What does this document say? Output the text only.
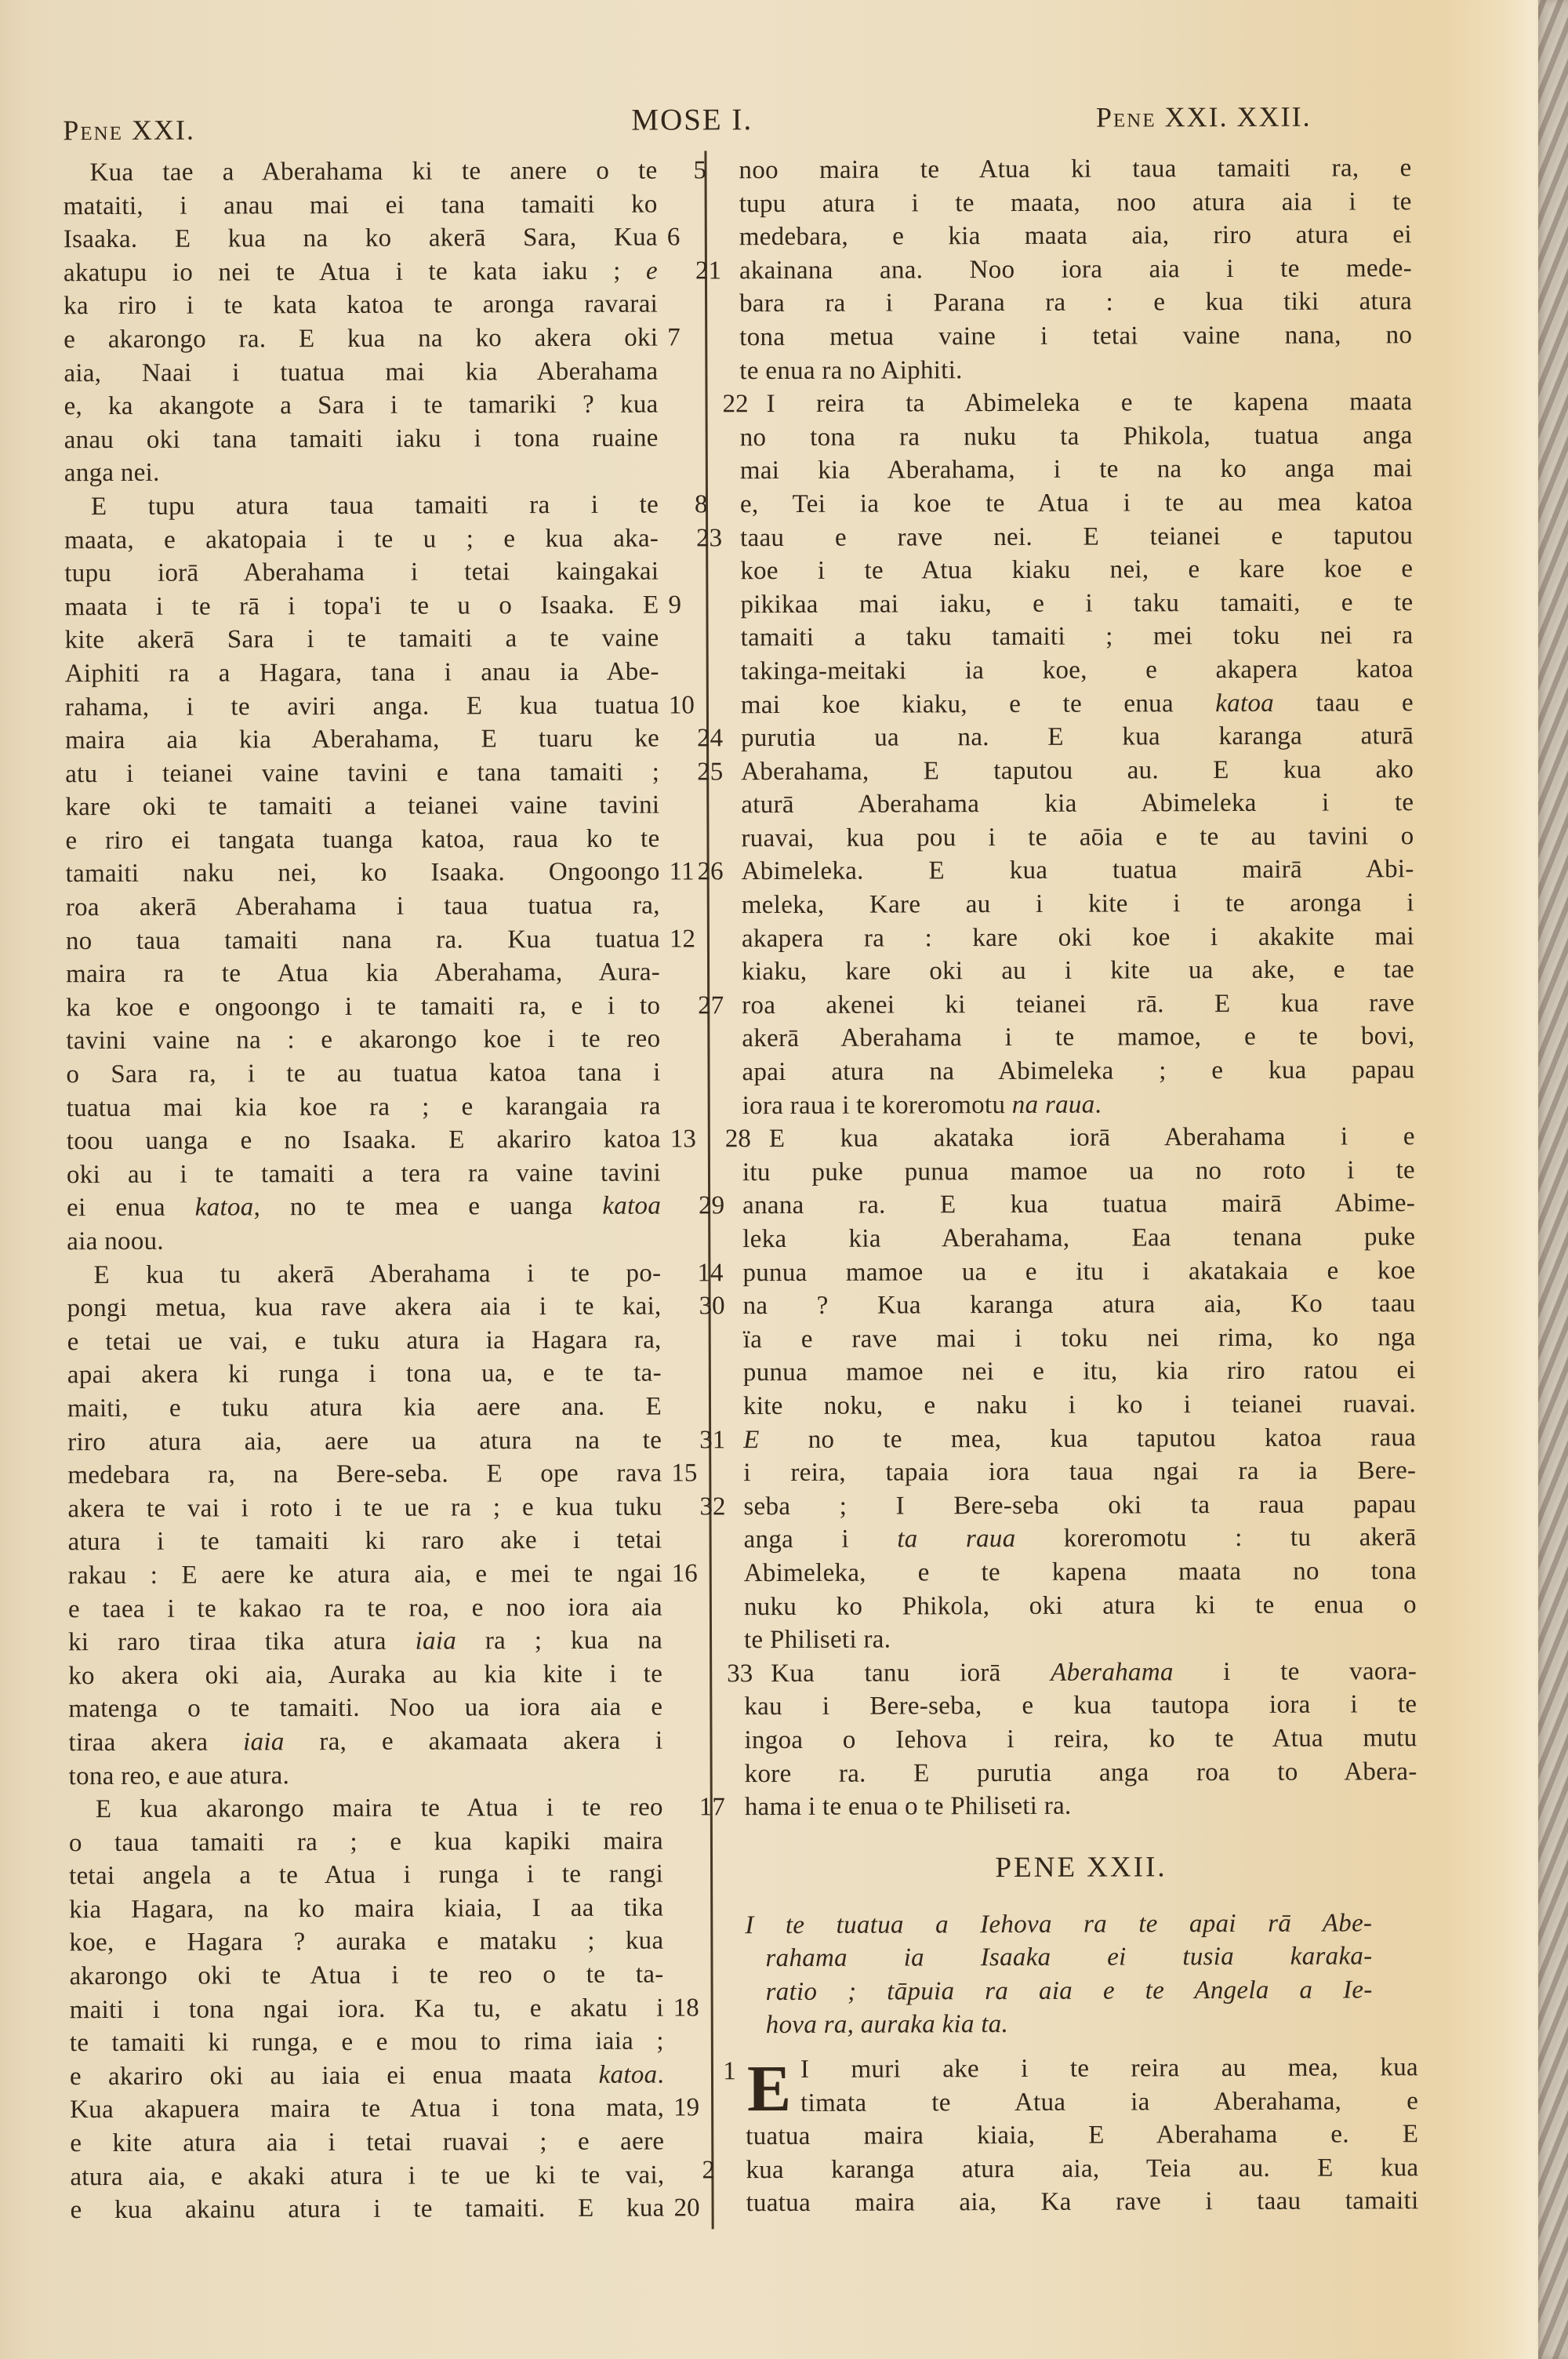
Pene XXI.	MOSE I.	Pene XXI. XXII.
5
Kua tae a Aberahama ki te anere o te
mataiti, i anau mai ei tana tamaiti ko
6
Isaaka. E kua na ko akerā Sara, Kua
akatupu io nei te Atua i te kata iaku ; e
ka riro i te kata katoa te aronga ravarai
7
e akarongo ra. E kua na ko akera oki
aia, Naai i tuatua mai kia Aberahama
e, ka akangote a Sara i te tamariki ? kua
anau oki tana tamaiti iaku i tona ruaine
anga nei.
8
E tupu atura taua tamaiti ra i te
maata, e akatopaia i te u ; e kua aka-
tupu iorā Aberahama i tetai kaingakai
9
maata i te rā i topa'i te u o Isaaka. E
kite akerā Sara i te tamaiti a te vaine
Aiphiti ra a Hagara, tana i anau ia Abe-
10
rahama, i te aviri anga. E kua tuatua
maira aia kia Aberahama, E tuaru ke
atu i teianei vaine tavini e tana tamaiti ;
kare oki te tamaiti a teianei vaine tavini
e riro ei tangata tuanga katoa, raua ko te
11
tamaiti naku nei, ko Isaaka. Ongoongo
roa akerā Aberahama i taua tuatua ra,
12
no taua tamaiti nana ra. Kua tuatua
maira ra te Atua kia Aberahama, Aura-
ka koe e ongoongo i te tamaiti ra, e i to
tavini vaine na : e akarongo koe i te reo
o Sara ra, i te au tuatua katoa tana i
tuatua mai kia koe ra ; e karangaia ra
13
toou uanga e no Isaaka. E akariro katoa
oki au i te tamaiti a tera ra vaine tavini
ei enua katoa, no te mea e uanga katoa
aia noou.
14
E kua tu akerā Aberahama i te po-
pongi metua, kua rave akera aia i te kai,
e tetai ue vai, e tuku atura ia Hagara ra,
apai akera ki runga i tona ua, e te ta-
maiti, e tuku atura kia aere ana. E
riro atura aia, aere ua atura na te
15
medebara ra, na Bere-seba. E ope rava
akera te vai i roto i te ue ra ; e kua tuku
atura i te tamaiti ki raro ake i tetai
16
rakau : E aere ke atura aia, e mei te ngai
e taea i te kakao ra te roa, e noo iora aia
ki raro tiraa tika atura iaia ra ; kua na
ko akera oki aia, Auraka au kia kite i te
matenga o te tamaiti. Noo ua iora aia e
tiraa akera iaia ra, e akamaata akera i
tona reo, e aue atura.
17
E kua akarongo maira te Atua i te reo
o taua tamaiti ra ; e kua kapiki maira
tetai angela a te Atua i runga i te rangi
kia Hagara, na ko maira kiaia, I aa tika
koe, e Hagara ? auraka e mataku ; kua
akarongo oki te Atua i te reo o te ta-
18
maiti i tona ngai iora. Ka tu, e akatu i
te tamaiti ki runga, e e mou to rima iaia ;
e akariro oki au iaia ei enua maata katoa.
19
Kua akapuera maira te Atua i tona mata,
e kite atura aia i tetai ruavai ; e aere
atura aia, e akaki atura i te ue ki te vai,
20
e kua akainu atura i te tamaiti. E kua
noo maira te Atua ki taua tamaiti ra, e
tupu atura i te maata, noo atura aia i te
medebara, e kia maata aia, riro atura ei
21 akainana ana. Noo iora aia i te mede-
bara ra i Parana ra : e kua tiki atura
tona metua vaine i tetai vaine nana, no
te enua ra no Aiphiti.
22 I reira ta Abimeleka e te kapena maata
no tona ra nuku ta Phikola, tuatua anga
mai kia Aberahama, i te na ko anga mai
e, Tei ia koe te Atua i te au mea katoa
23 taau e rave nei. E teianei e taputou
koe i te Atua kiaku nei, e kare koe e
pikikaa mai iaku, e i taku tamaiti, e te
tamaiti a taku tamaiti ; mei toku nei ra
takinga-meitaki ia koe, e akapera katoa
mai koe kiaku, e te enua katoa taau e
24 purutia ua na. E kua karanga aturā
25 Aberahama, E taputou au. E kua ako
aturā Aberahama kia Abimeleka i te
ruavai, kua pou i te aōia e te au tavini o
26 Abimeleka. E kua tuatua mairā Abi-
meleka, Kare au i kite i te aronga i
akapera ra : kare oki koe i akakite mai
kiaku, kare oki au i kite ua ake, e tae
27 roa akenei ki teianei rā. E kua rave
akerā Aberahama i te mamoe, e te bovi,
apai atura na Abimeleka ; e kua papau
iora raua i te koreromotu na raua.
28 E kua akataka iorā Aberahama i e
itu puke punua mamoe ua no roto i te
29 anana ra. E kua tuatua mairā Abime-
leka kia Aberahama, Eaa tenana puke
punua mamoe ua e itu i akatakaia e koe
30 na ? Kua karanga atura aia, Ko taau
ïa e rave mai i toku nei rima, ko nga
punua mamoe nei e itu, kia riro ratou ei
kite noku, e naku i ko i teianei ruavai.
31 E no te mea, kua taputou katoa raua
i reira, tapaia iora taua ngai ra ia Bere-
32 seba ; I Bere-seba oki ta raua papau
anga i ta raua koreromotu : tu akerā
Abimeleka, e te kapena maata no tona
nuku ko Phikola, oki atura ki te enua o
te Philiseti ra.
33 Kua tanu iorā Aberahama i te vaora-
kau i Bere-seba, e kua tautopa iora i te
ingoa o Iehova i reira, ko te Atua mutu
kore ra. E purutia anga roa to Abera-
hama i te enua o te Philiseti ra.
PENE XXII.
I te tuatua a Iehova ra te apai rā Abe-
rahama ia Isaaka ei tusia karaka-
ratio ; tāpuia ra aia e te Angela a Ie-
hova ra, auraka kia ta.
1 E I muri ake i te reira au mea, kua
timata te Atua ia Aberahama, e
tuatua maira kiaia, E Aberahama e. E
2	kua karanga atura aia, Teia au. E kua
tuatua maira aia, Ka rave i taau tamaiti
